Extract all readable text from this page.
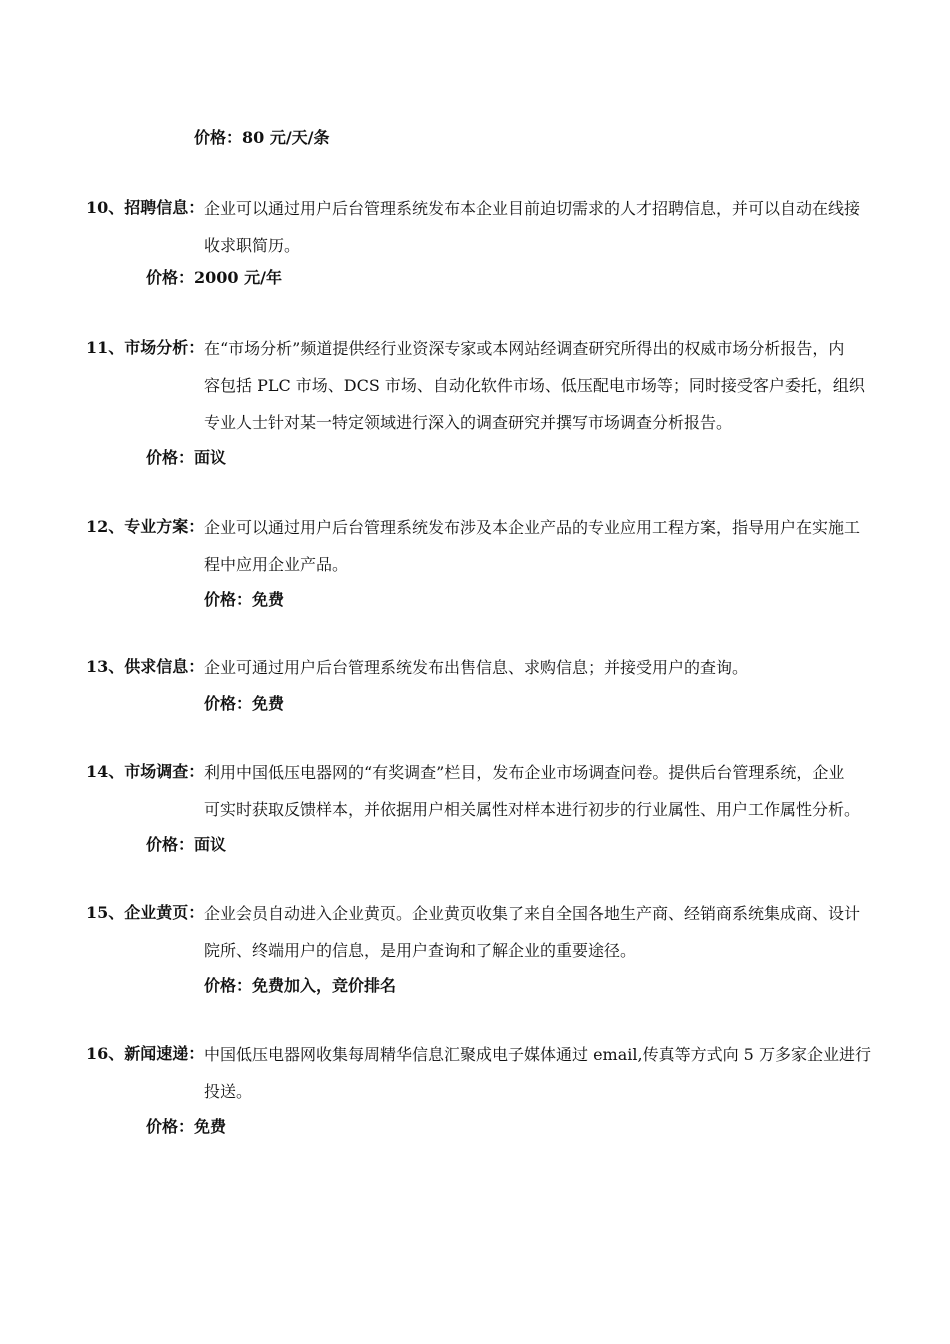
价格：80 元/天/条
10、招聘信息： 企业可以通过用户后台管理系统发布本企业目前迫切需求的人才招聘信息，并可以自动在线接
收求职简历。
价格：2000 元/年
11、市场分析： 在“市场分析”频道提供经行业资深专家或本网站经调查研究所得出的权威市场分析报告，内
容包括 PLC 市场、DCS 市场、自动化软件市场、低压配电市场等；同时接受客户委托，组织
专业人士针对某一特定领域进行深入的调查研究并撰写市场调查分析报告。
价格：面议
12、专业方案： 企业可以通过用户后台管理系统发布涉及本企业产品的专业应用工程方案，指导用户在实施工
程中应用企业产品。
价格：免费
13、供求信息： 企业可通过用户后台管理系统发布出售信息、求购信息；并接受用户的查询。
价格：免费
14、市场调查： 利用中国低压电器网的“有奖调查”栏目，发布企业市场调查问卷。提供后台管理系统，企业
可实时获取反馈样本，并依据用户相关属性对样本进行初步的行业属性、用户工作属性分析。
价格：面议
15、企业黄页： 企业会员自动进入企业黄页。企业黄页收集了来自全国各地生产商、经销商系统集成商、设计
院所、终端用户的信息，是用户查询和了解企业的重要途径。
价格：免费加入，竞价排名
16、新闻速递： 中国低压电器网收集每周精华信息汇聚成电子媒体通过 email,传真等方式向 5 万多家企业进行
投送。
价格：免费
